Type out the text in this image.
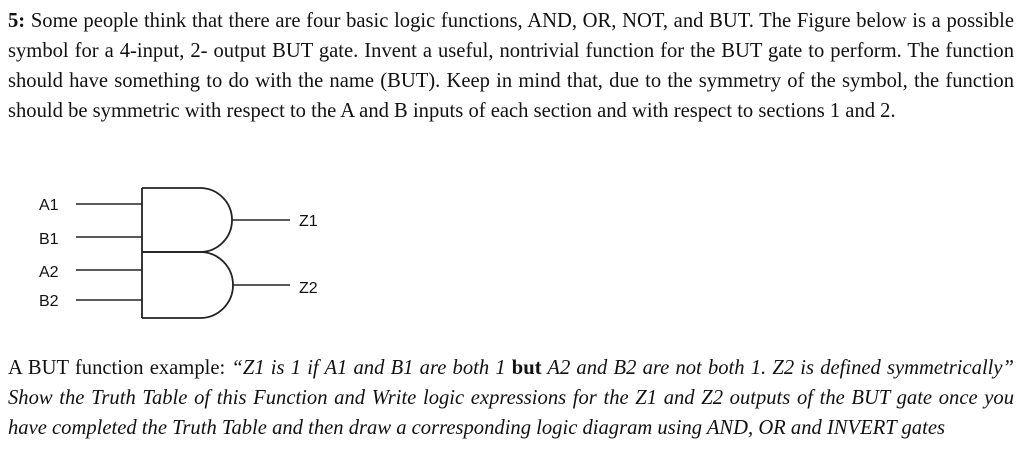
5: Some people think that there are four basic logic functions, AND, OR, NOT, and BUT. The Figure below is a possible symbol for a 4-input, 2- output BUT gate. Invent a useful, nontrivial function for the BUT gate to perform. The function should have something to do with the name (BUT). Keep in mind that, due to the symmetry of the symbol, the function should be symmetric with respect to the A and B inputs of each section and with respect to sections 1 and 2.
A1
B1
A2
B2
Z1
Z2
A BUT function example: “Z1 is 1 if A1 and B1 are both 1 but A2 and B2 are not both 1. Z2 is defined symmetrically” Show the Truth Table of this Function and Write logic expressions for the Z1 and Z2 outputs of the BUT gate once you have completed the Truth Table and then draw a corresponding logic diagram using AND, OR and INVERT gates
